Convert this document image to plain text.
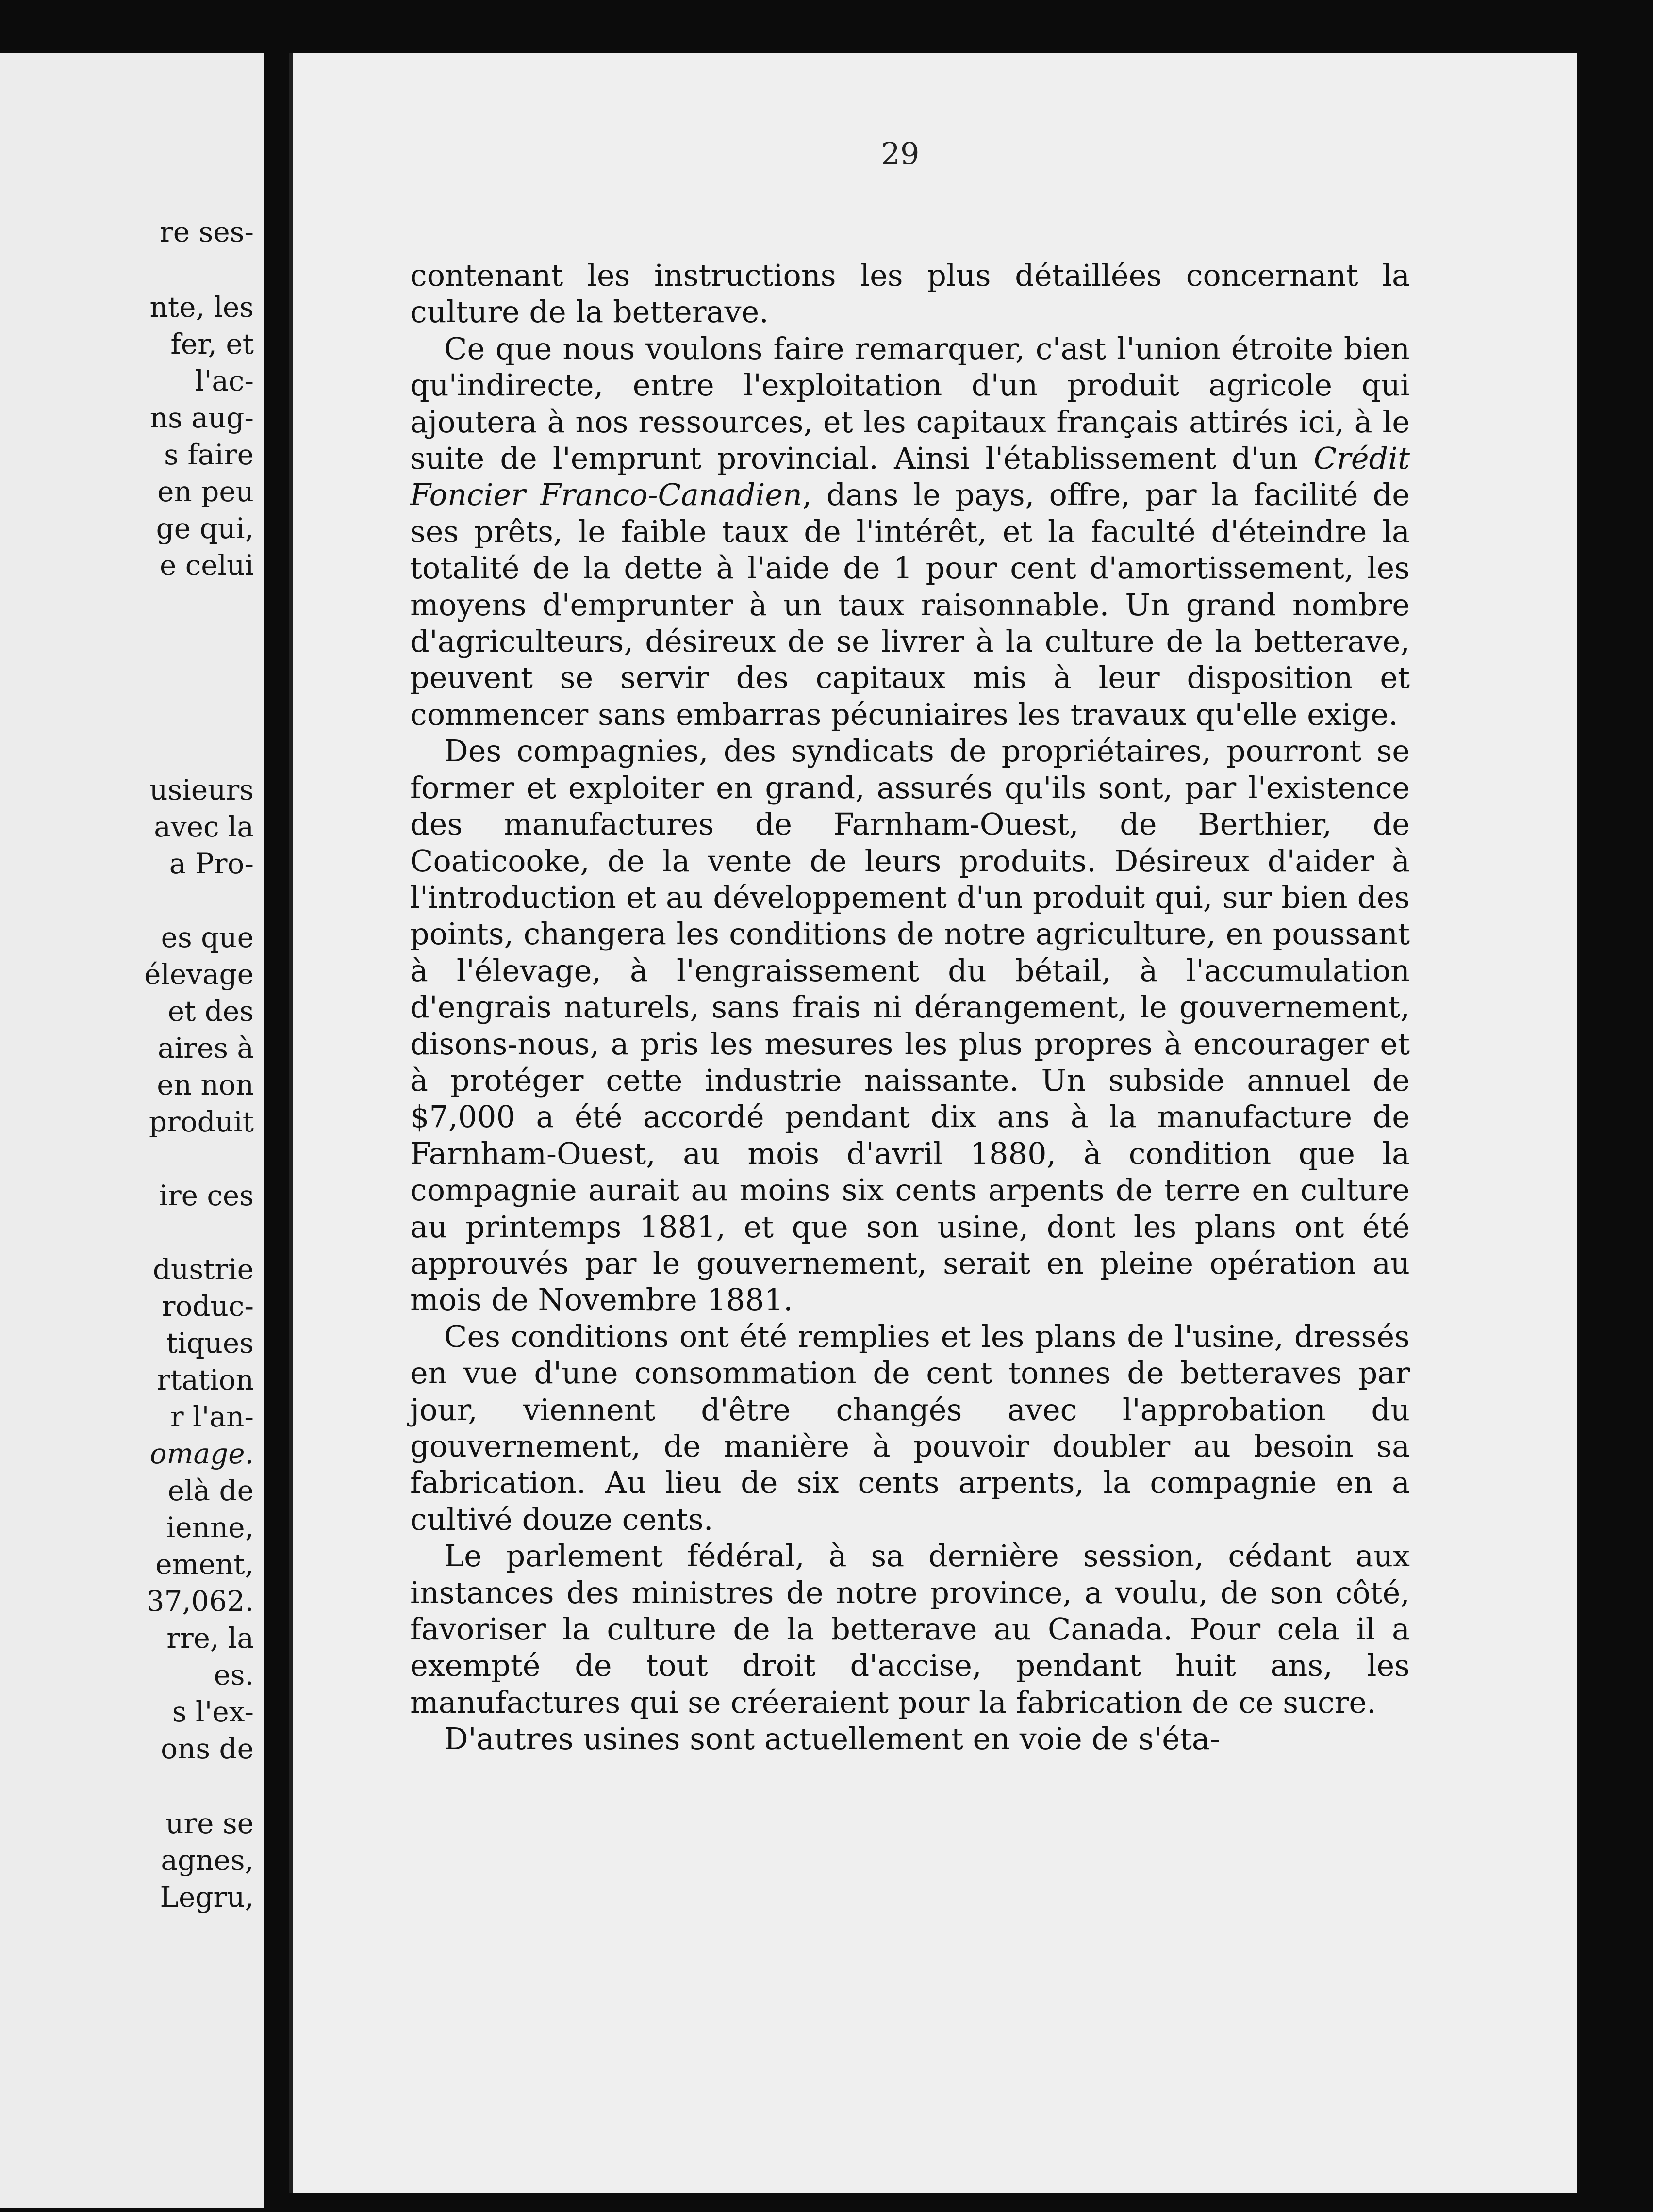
re ses-

nte, les

fer, et

l'ac-

ns aug-

s faire

en peu

ge qui,

e celui

usieurs

avec la

a Pro-

es que

élevage

et des

aires à

en non

produit

ire ces

dustrie

roduc-

tiques

rtation

r l'an-

omage.

elà de

ienne,

ement,

37,062.

rre, la

es.

s l'ex-

ons de

ure se

agnes,

Legru,

29

contenant les instructions les plus détaillées concernant la culture de la betterave.

Ce que nous voulons faire remarquer, c'ast l'union étroite bien qu'indirecte, entre l'exploitation d'un produit agricole qui ajoutera à nos ressources, et les capitaux français attirés ici, à le suite de l'emprunt provincial. Ainsi l'établissement d'un Crédit Foncier Franco-Canadien, dans le pays, offre, par la facilité de ses prêts, le faible taux de l'intérêt, et la faculté d'éteindre la totalité de la dette à l'aide de 1 pour cent d'amortissement, les moyens d'emprunter à un taux raisonnable. Un grand nombre d'agriculteurs, désireux de se livrer à la culture de la betterave, peuvent se servir des capitaux mis à leur disposition et commencer sans embarras pécuniaires les travaux qu'elle exige.

Des compagnies, des syndicats de propriétaires, pourront se former et exploiter en grand, assurés qu'ils sont, par l'existence des manufactures de Farnham-Ouest, de Berthier, de Coaticooke, de la vente de leurs produits. Désireux d'aider à l'introduction et au développement d'un produit qui, sur bien des points, changera les conditions de notre agriculture, en poussant à l'élevage, à l'engraissement du bétail, à l'accumulation d'engrais naturels, sans frais ni dérangement, le gouvernement, disons-nous, a pris les mesures les plus propres à encourager et à protéger cette industrie naissante. Un subside annuel de $7,000 a été accordé pendant dix ans à la manufacture de Farnham-Ouest, au mois d'avril 1880, à condition que la compagnie aurait au moins six cents arpents de terre en culture au printemps 1881, et que son usine, dont les plans ont été approuvés par le gouvernement, serait en pleine opération au mois de Novembre 1881.

Ces conditions ont été remplies et les plans de l'usine, dressés en vue d'une consommation de cent tonnes de betteraves par jour, viennent d'être changés avec l'approbation du gouvernement, de manière à pouvoir doubler au besoin sa fabrication. Au lieu de six cents arpents, la compagnie en a cultivé douze cents.

Le parlement fédéral, à sa dernière session, cédant aux instances des ministres de notre province, a voulu, de son côté, favoriser la culture de la betterave au Canada. Pour cela il a exempté de tout droit d'accise, pendant huit ans, les manufactures qui se créeraient pour la fabrication de ce sucre.

D'autres usines sont actuellement en voie de s'éta-
